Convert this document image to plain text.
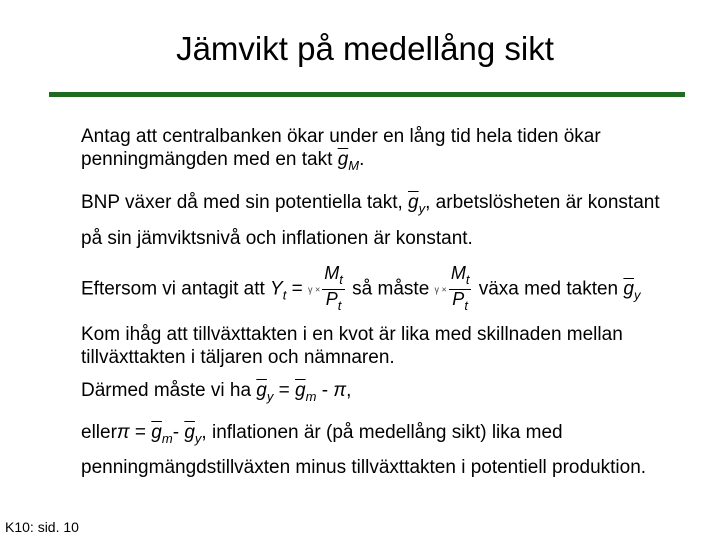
Jämvikt på medellång sikt
• Antag att centralbanken ökar under en lång tid hela tiden ökar penningmängden med en takt $\overline{g}_M$.
• BNP växer då med sin potentiella takt, $\overline{g}_y$, arbetslösheten är konstant på sin jämviktsnivå och inflationen är konstant.
• Eftersom vi antagit att $Y_t = \gamma \times \frac{M_t}{P_t}$ så måste $\gamma \times \frac{M_t}{P_t}$ växa med takten $\overline{g}_y$
• Kom ihåg att tillväxttakten i en kvot är lika med skillnaden mellan tillväxttakten i täljaren och nämnaren.
• Därmed måste vi ha $\overline{g}_y = \overline{g}_m - \pi$,
• ellerπ = $\overline{g}_m-$ $\overline{g}_y$, inflationen är (på medellång sikt) lika med penningmängdstillväxten minus tillväxttakten i potentiell produktion.
K10: sid. 10
